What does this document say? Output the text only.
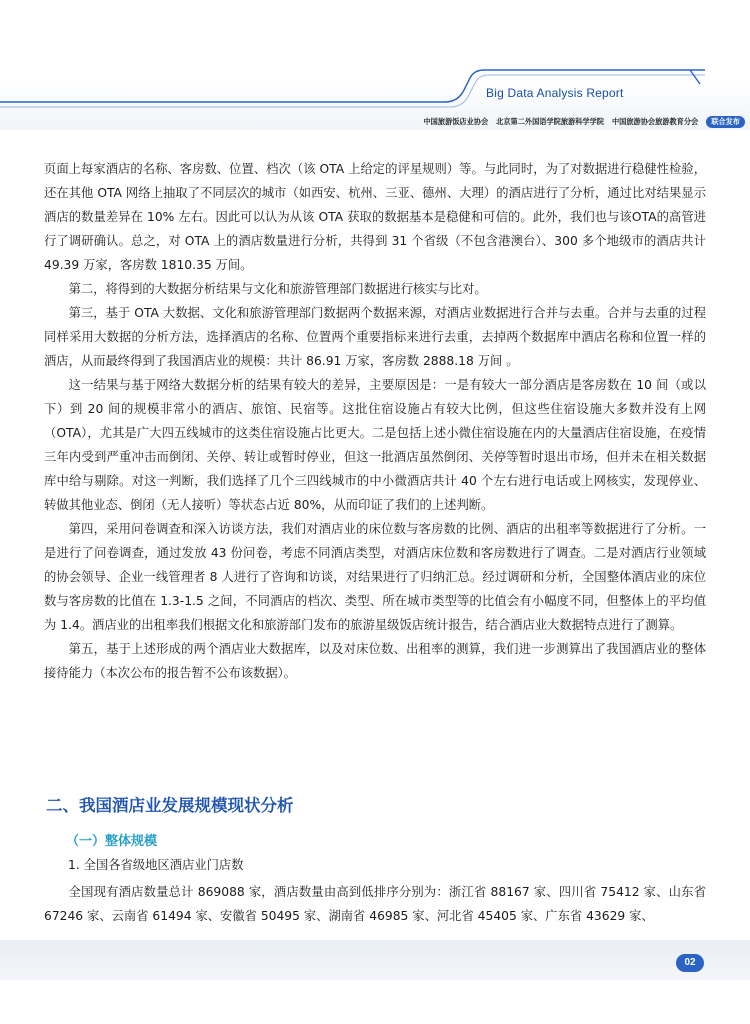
Big Data Analysis Report
中国旅游饭店业协会 北京第二外国语学院旅游科学学院 中国旅游协会旅游教育分会	联合发布

页面上每家酒店的名称、客房数、位置、档次（该 OTA 上给定的评星规则）等。与此同时，为了对数据进行稳健性检验，还在其他 OTA 网络上抽取了不同层次的城市（如西安、杭州、三亚、德州、大理）的酒店进行了分析，通过比对结果显示酒店的数量差异在 10% 左右。因此可以认为从该 OTA 获取的数据基本是稳健和可信的。此外，我们也与该OTA的高管进行了调研确认。总之，对 OTA 上的酒店数量进行分析，共得到 31 个省级（不包含港澳台）、300 多个地级市的酒店共计 49.39 万家，客房数 1810.35 万间。

第二，将得到的大数据分析结果与文化和旅游管理部门数据进行核实与比对。

第三，基于 OTA 大数据、文化和旅游管理部门数据两个数据来源，对酒店业数据进行合并与去重。合并与去重的过程同样采用大数据的分析方法，选择酒店的名称、位置两个重要指标来进行去重，去掉两个数据库中酒店名称和位置一样的酒店，从而最终得到了我国酒店业的规模：共计 86.91 万家，客房数 2888.18 万间 。

这一结果与基于网络大数据分析的结果有较大的差异，主要原因是：一是有较大一部分酒店是客房数在 10 间（或以下）到 20 间的规模非常小的酒店、旅馆、民宿等。这批住宿设施占有较大比例，但这些住宿设施大多数并没有上网（OTA），尤其是广大四五线城市的这类住宿设施占比更大。二是包括上述小微住宿设施在内的大量酒店住宿设施，在疫情三年内受到严重冲击而倒闭、关停、转让或暂时停业，但这一批酒店虽然倒闭、关停等暂时退出市场，但并未在相关数据库中给与剔除。对这一判断，我们选择了几个三四线城市的中小微酒店共计 40 个左右进行电话或上网核实，发现停业、转做其他业态、倒闭（无人接听）等状态占近 80%，从而印证了我们的上述判断。

第四，采用问卷调查和深入访谈方法，我们对酒店业的床位数与客房数的比例、酒店的出租率等数据进行了分析。一是进行了问卷调查，通过发放 43 份问卷，考虑不同酒店类型，对酒店床位数和客房数进行了调查。二是对酒店行业领域的协会领导、企业一线管理者 8 人进行了咨询和访谈，对结果进行了归纳汇总。经过调研和分析，全国整体酒店业的床位数与客房数的比值在 1.3-1.5 之间，不同酒店的档次、类型、所在城市类型等的比值会有小幅度不同，但整体上的平均值为 1.4。酒店业的出租率我们根据文化和旅游部门发布的旅游星级饭店统计报告，结合酒店业大数据特点进行了测算。

第五，基于上述形成的两个酒店业大数据库，以及对床位数、出租率的测算，我们进一步测算出了我国酒店业的整体接待能力（本次公布的报告暂不公布该数据）。

二、我国酒店业发展规模现状分析
（一）整体规模
1. 全国各省级地区酒店业门店数

全国现有酒店数量总计 869088 家，酒店数量由高到低排序分别为：浙江省 88167 家、四川省 75412 家、山东省 67246 家、云南省 61494 家、安徽省 50495 家、湖南省 46985 家、河北省 45405 家、广东省 43629 家、

02
